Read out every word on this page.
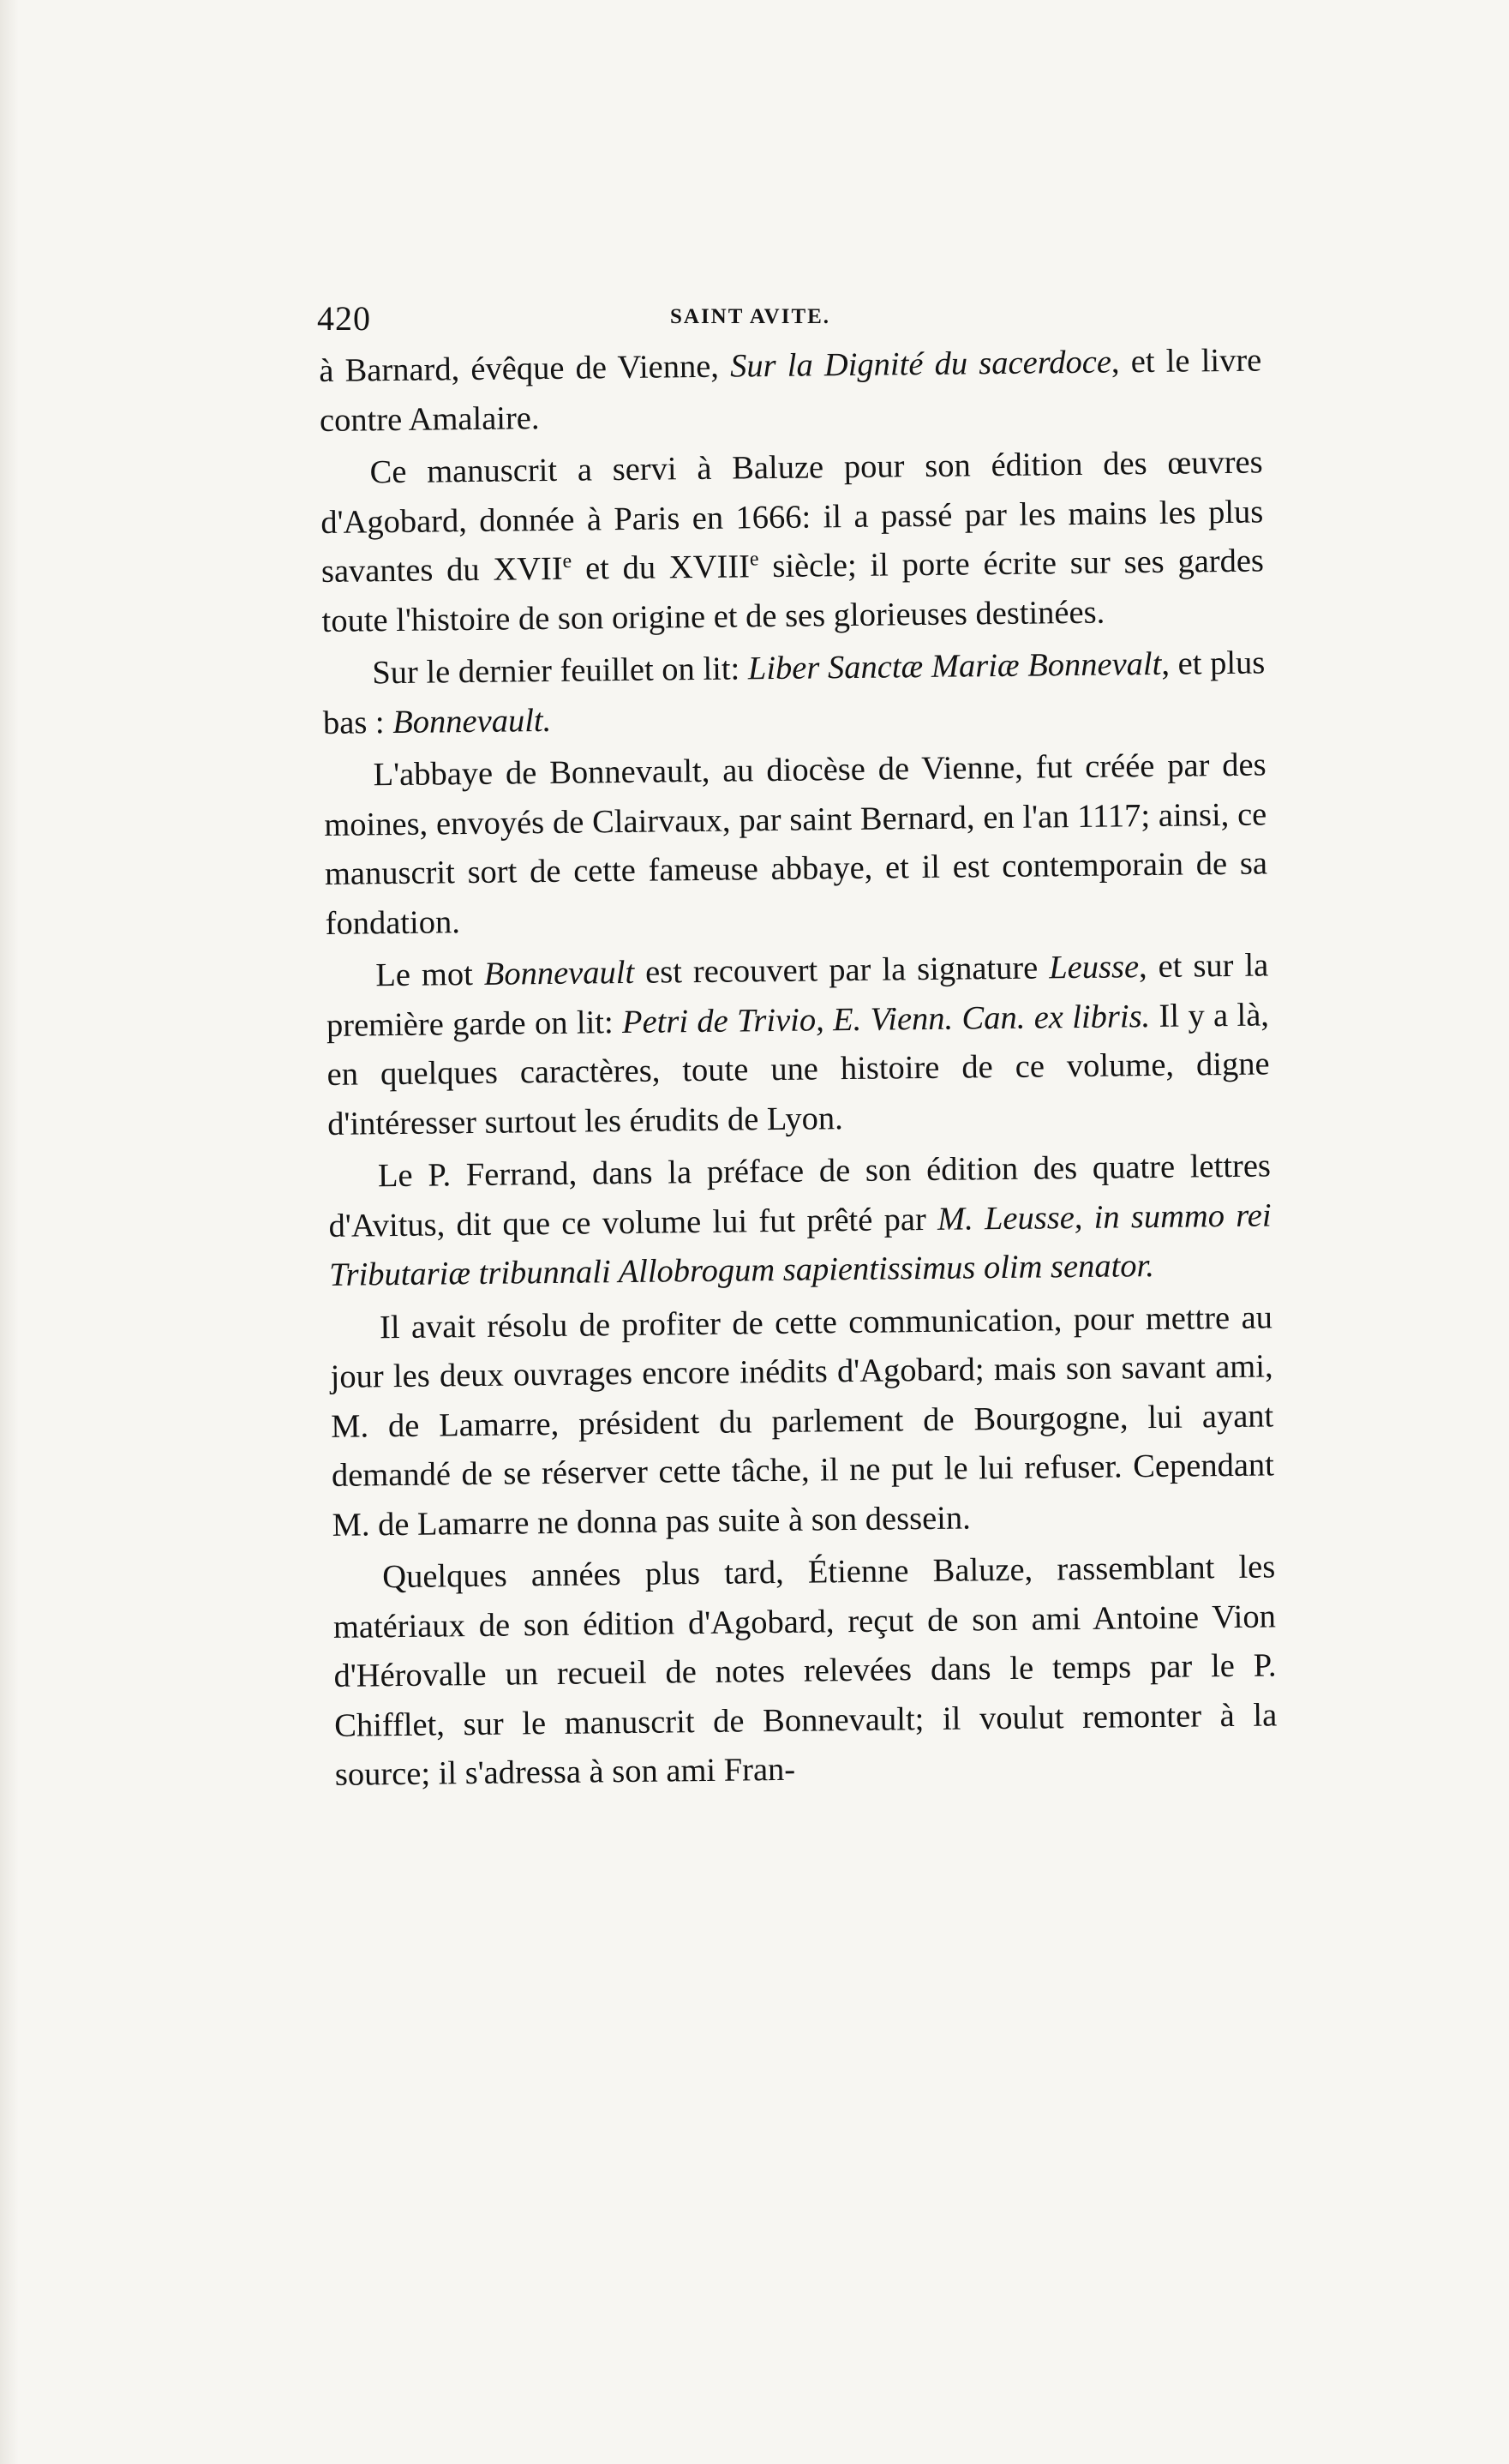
420	SAINT AVITE.

à Barnard, évêque de Vienne, Sur la Dignité du sacerdoce, et le livre contre Amalaire.

Ce manuscrit a servi à Baluze pour son édition des œuvres d'Agobard, donnée à Paris en 1666: il a passé par les mains les plus savantes du XVIIe et du XVIIIe siècle; il porte écrite sur ses gardes toute l'histoire de son origine et de ses glorieuses destinées.

Sur le dernier feuillet on lit: Liber Sanctæ Mariæ Bonnevalt, et plus bas : Bonnevault.

L'abbaye de Bonnevault, au diocèse de Vienne, fut créée par des moines, envoyés de Clairvaux, par saint Bernard, en l'an 1117; ainsi, ce manuscrit sort de cette fameuse abbaye, et il est contemporain de sa fondation.

Le mot Bonnevault est recouvert par la signature Leusse, et sur la première garde on lit: Petri de Trivio, E. Vienn. Can. ex libris. Il y a là, en quelques caractères, toute une histoire de ce volume, digne d'intéresser surtout les érudits de Lyon.

Le P. Ferrand, dans la préface de son édition des quatre lettres d'Avitus, dit que ce volume lui fut prêté par M. Leusse, in summo rei Tributariæ tribunnali Allobrogum sapientissimus olim senator.

Il avait résolu de profiter de cette communication, pour mettre au jour les deux ouvrages encore inédits d'Agobard; mais son savant ami, M. de Lamarre, président du parlement de Bourgogne, lui ayant demandé de se réserver cette tâche, il ne put le lui refuser. Cependant M. de Lamarre ne donna pas suite à son dessein.

Quelques années plus tard, Étienne Baluze, rassemblant les matériaux de son édition d'Agobard, reçut de son ami Antoine Vion d'Hérovalle un recueil de notes relevées dans le temps par le P. Chifflet, sur le manuscrit de Bonnevault; il voulut remonter à la source; il s'adressa à son ami Fran-
